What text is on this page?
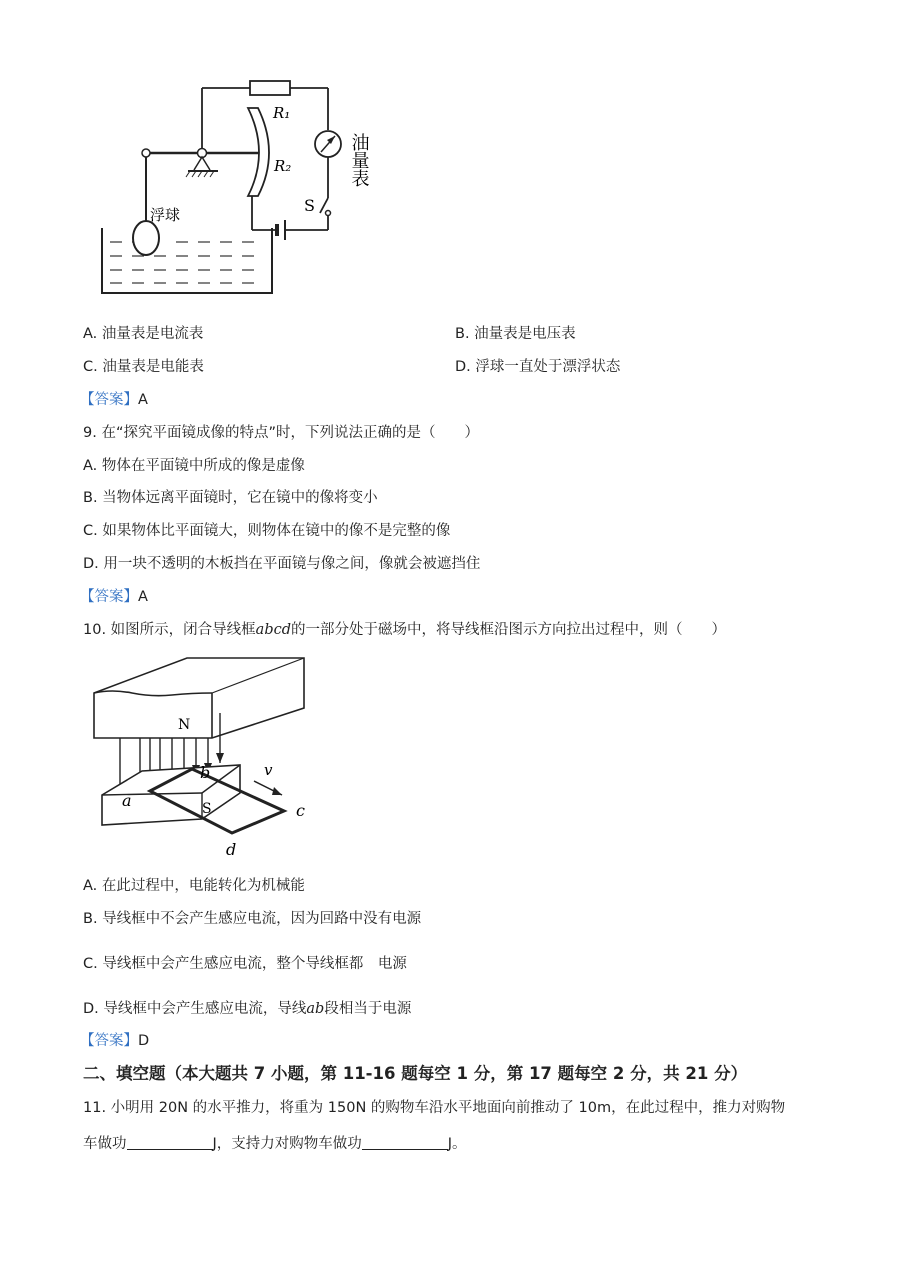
R₁
R₂
S
油量表
浮球
A. 油量表是电流表	B. 油量表是电压表
C. 油量表是电能表	D. 浮球一直处于漂浮状态
【答案】A
9. 在“探究平面镜成像的特点”时，下列说法正确的是（　　）
A. 物体在平面镜中所成的像是虚像
B. 当物体远离平面镜时，它在镜中的像将变小
C. 如果物体比平面镜大，则物体在镜中的像不是完整的像
D. 用一块不透明的木板挡在平面镜与像之间，像就会被遮挡住
【答案】A
10. 如图所示，闭合导线框abcd的一部分处于磁场中，将导线框沿图示方向拉出过程中，则（　　）
N
S
v
a
b
c
d
A. 在此过程中，电能转化为机械能
B. 导线框中不会产生感应电流，因为回路中没有电源
C. 导线框中会产生感应电流，整个导线框都　电源
D. 导线框中会产生感应电流，导线ab段相当于电源
【答案】D
二、填空题（本大题共 7 小题，第 11-16 题每空 1 分，第 17 题每空 2 分，共 21 分）
11. 小明用 20N 的水平推力，将重为 150N 的购物车沿水平地面向前推动了 10m，在此过程中，推力对购物
车做功	J，支持力对购物车做功	J。
